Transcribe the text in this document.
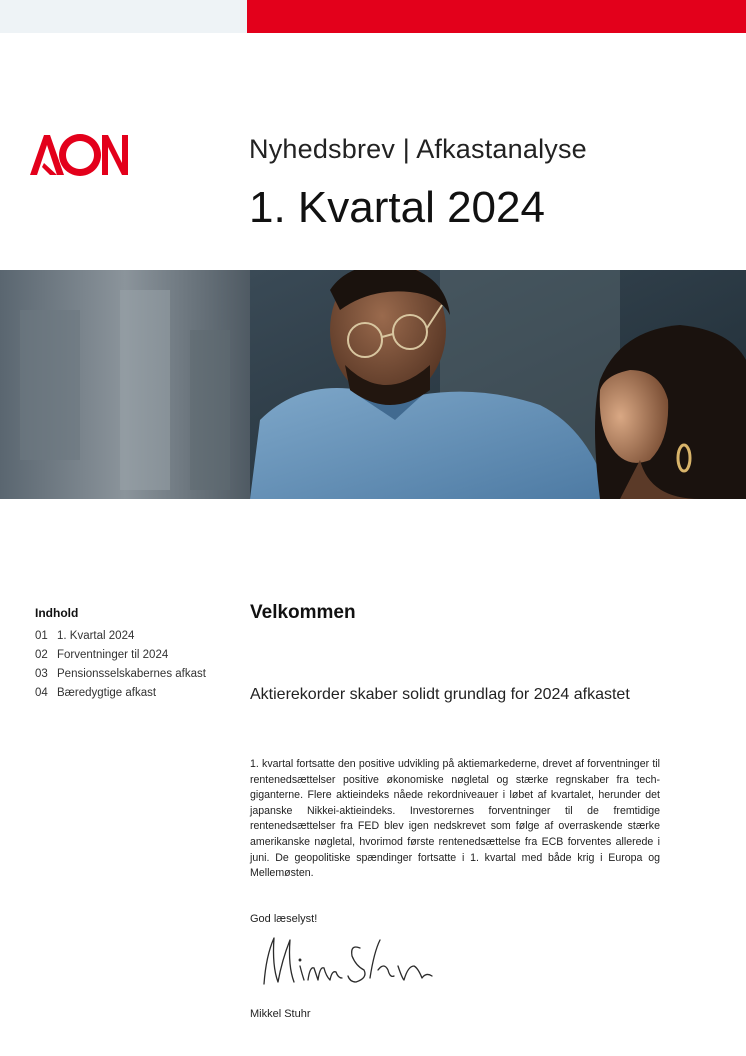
Nyhedsbrev | Afkastanalyse
1. Kvartal 2024
Indhold
01 1. Kvartal 2024
02 Forventninger til 2024
03 Pensionsselskabernes afkast
04 Bæredygtige afkast
Velkommen
Aktierekorder skaber solidt grundlag for 2024 afkastet

1. kvartal fortsatte den positive udvikling på aktiemarkederne, drevet af forventninger til rentenedsættelser positive økonomiske nøgletal og stærke regnskaber fra tech-giganterne. Flere aktieindeks nåede rekordniveauer i løbet af kvartalet, herunder det japanske Nikkei-aktieindeks. Investorernes forventninger til de fremtidige rentenedsættelser fra FED blev igen nedskrevet som følge af overraskende stærke amerikanske nøgletal, hvorimod første rentenedsættelse fra ECB forventes allerede i juni. De geopolitiske spændinger fortsatte i 1. kvartal med både krig i Europa og Mellemøsten.

God læselyst!
Mikkel Stuhr
